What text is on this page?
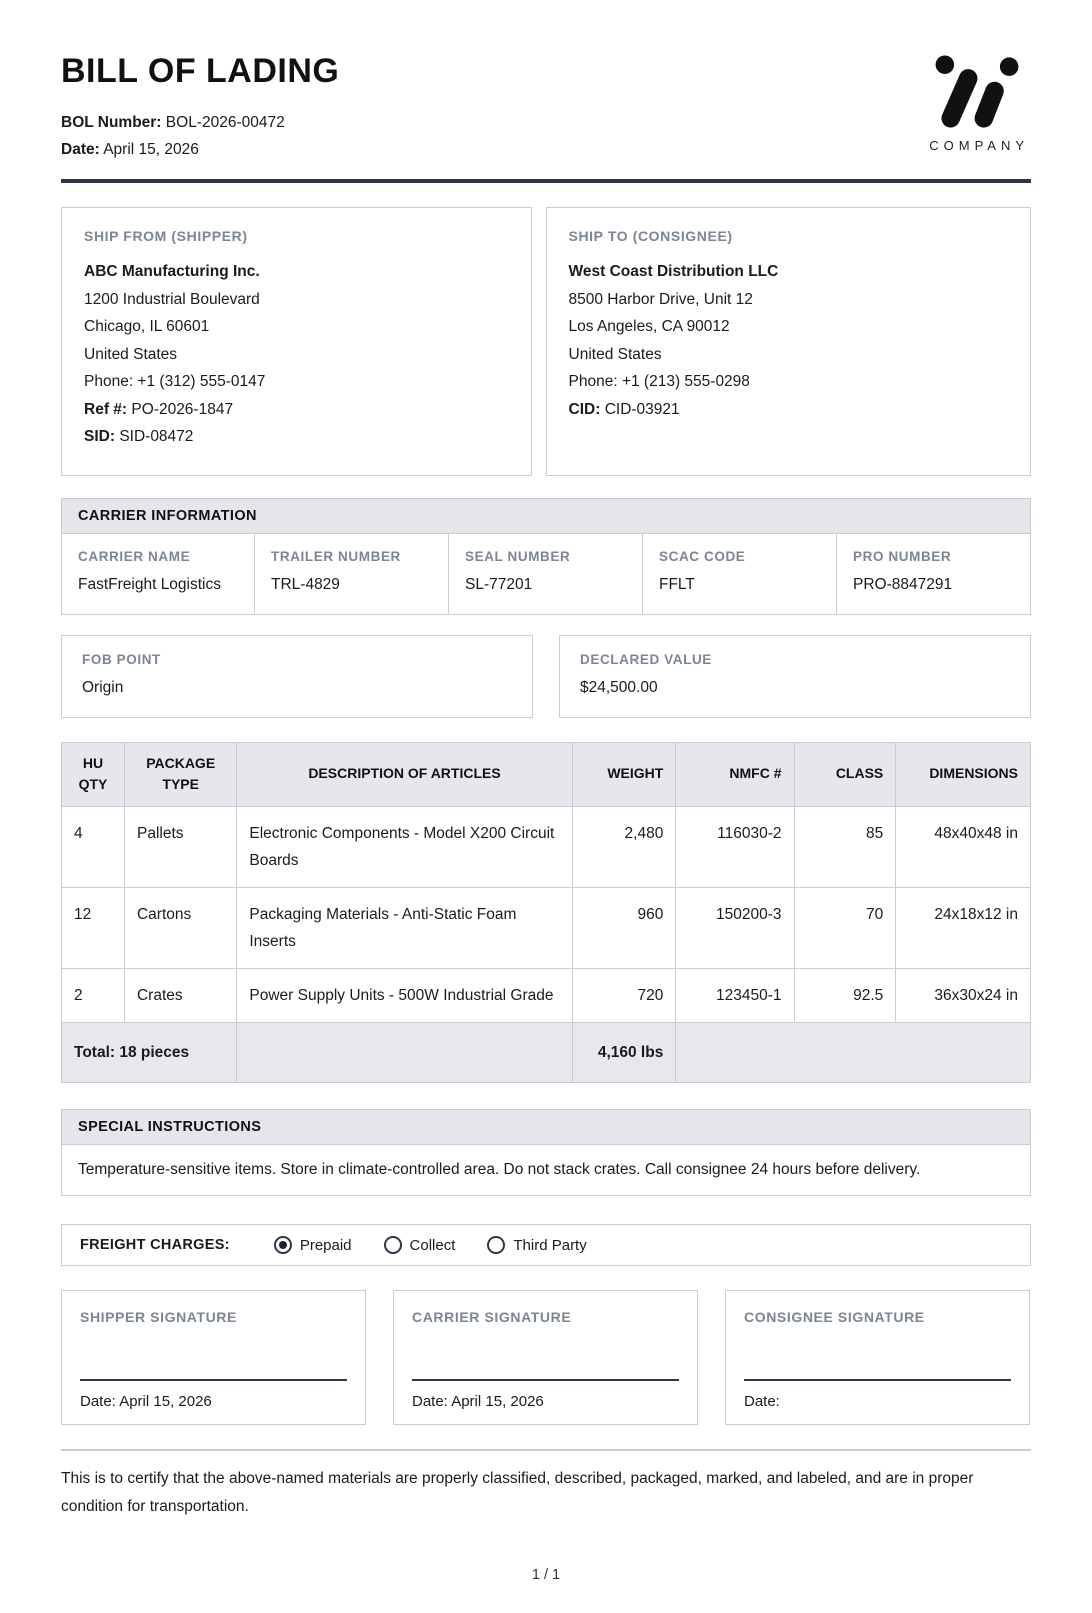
BILL OF LADING
BOL Number: BOL-2026-00472
Date: April 15, 2026	COMPANY
SHIP FROM (SHIPPER)
ABC Manufacturing Inc.
1200 Industrial Boulevard
Chicago, IL 60601
United States
Phone: +1 (312) 555-0147
Ref #: PO-2026-1847
SID: SID-08472
SHIP TO (CONSIGNEE)
West Coast Distribution LLC
8500 Harbor Drive, Unit 12
Los Angeles, CA 90012
United States
Phone: +1 (213) 555-0298
CID: CID-03921
CARRIER INFORMATION
CARRIER NAME
FastFreight Logistics
TRAILER NUMBER
TRL-4829
SEAL NUMBER
SL-77201
SCAC CODE
FFLT
PRO NUMBER
PRO-8847291
FOB POINT
Origin
DECLARED VALUE
$24,500.00
HU QTY	PACKAGE TYPE	DESCRIPTION OF ARTICLES	WEIGHT	NMFC #	CLASS	DIMENSIONS
4	Pallets	Electronic Components - Model X200 Circuit Boards	2,480	116030-2	85	48x40x48 in
12	Cartons	Packaging Materials - Anti-Static Foam Inserts	960	150200-3	70	24x18x12 in
2	Crates	Power Supply Units - 500W Industrial Grade	720	123450-1	92.5	36x30x24 in
Total: 18 pieces			4,160 lbs			
SPECIAL INSTRUCTIONS
Temperature-sensitive items. Store in climate-controlled area. Do not stack crates. Call consignee 24 hours before delivery.
FREIGHT CHARGES:	Prepaid	Collect	Third Party
SHIPPER SIGNATURE
Date: April 15, 2026
CARRIER SIGNATURE
Date: April 15, 2026
CONSIGNEE SIGNATURE
Date:

This is to certify that the above-named materials are properly classified, described, packaged, marked, and labeled, and are in proper condition for transportation.

1 / 1
